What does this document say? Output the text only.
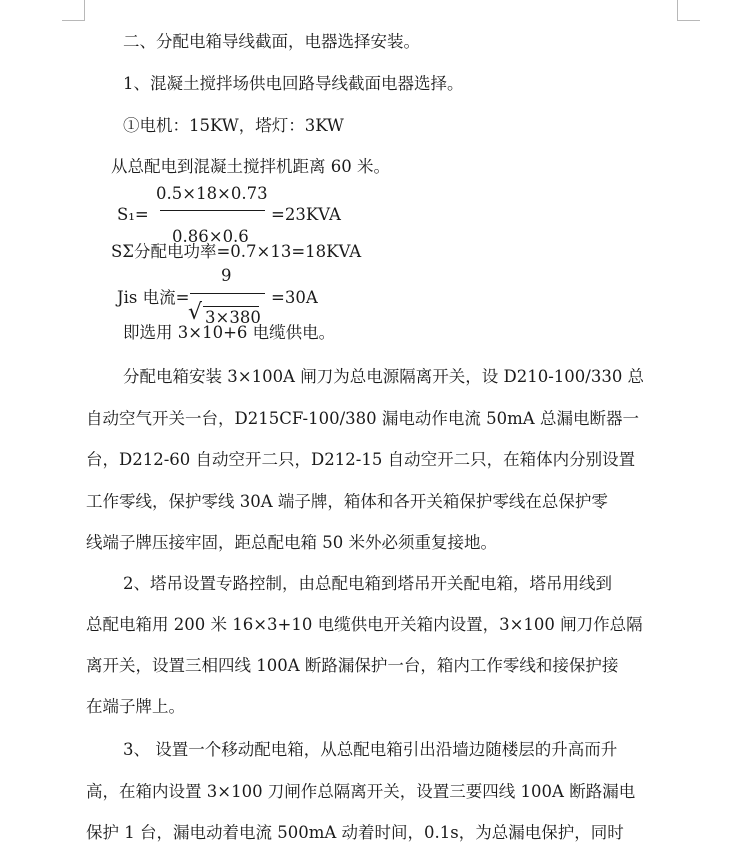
二、分配电箱导线截面，电器选择安装。
1、混凝土搅拌场供电回路导线截面电器选择。
①电机：15KW，塔灯：3KW
从总配电到混凝土搅拌机距离 60 米。
0.5×18×0.73
S₁=	=23KVA
0.86×0.6
SΣ分配电功率=0.7×13=18KVA
9
Jis 电流=	=30A
√ 3×380
即选用 3×10+6 电缆供电。
分配电箱安装 3×100A 闸刀为总电源隔离开关，设 D210-100/330 总
自动空气开关一台，D215CF-100/380 漏电动作电流 50mA 总漏电断器一
台，D212-60 自动空开二只，D212-15 自动空开二只，在箱体内分别设置
工作零线，保护零线 30A 端子牌，箱体和各开关箱保护零线在总保护零
线端子牌压接牢固，距总配电箱 50 米外必须重复接地。
2、塔吊设置专路控制，由总配电箱到塔吊开关配电箱，塔吊用线到
总配电箱用 200 米 16×3+10 电缆供电开关箱内设置，3×100 闸刀作总隔
离开关，设置三相四线 100A 断路漏保护一台，箱内工作零线和接保护接
在端子牌上。
3、 设置一个移动配电箱，从总配电箱引出沿墙边随楼层的升高而升
高，在箱内设置 3×100 刀闸作总隔离开关，设置三要四线 100A 断路漏电
保护 1 台，漏电动着电流 500mA 动着时间，0.1s，为总漏电保护，同时
